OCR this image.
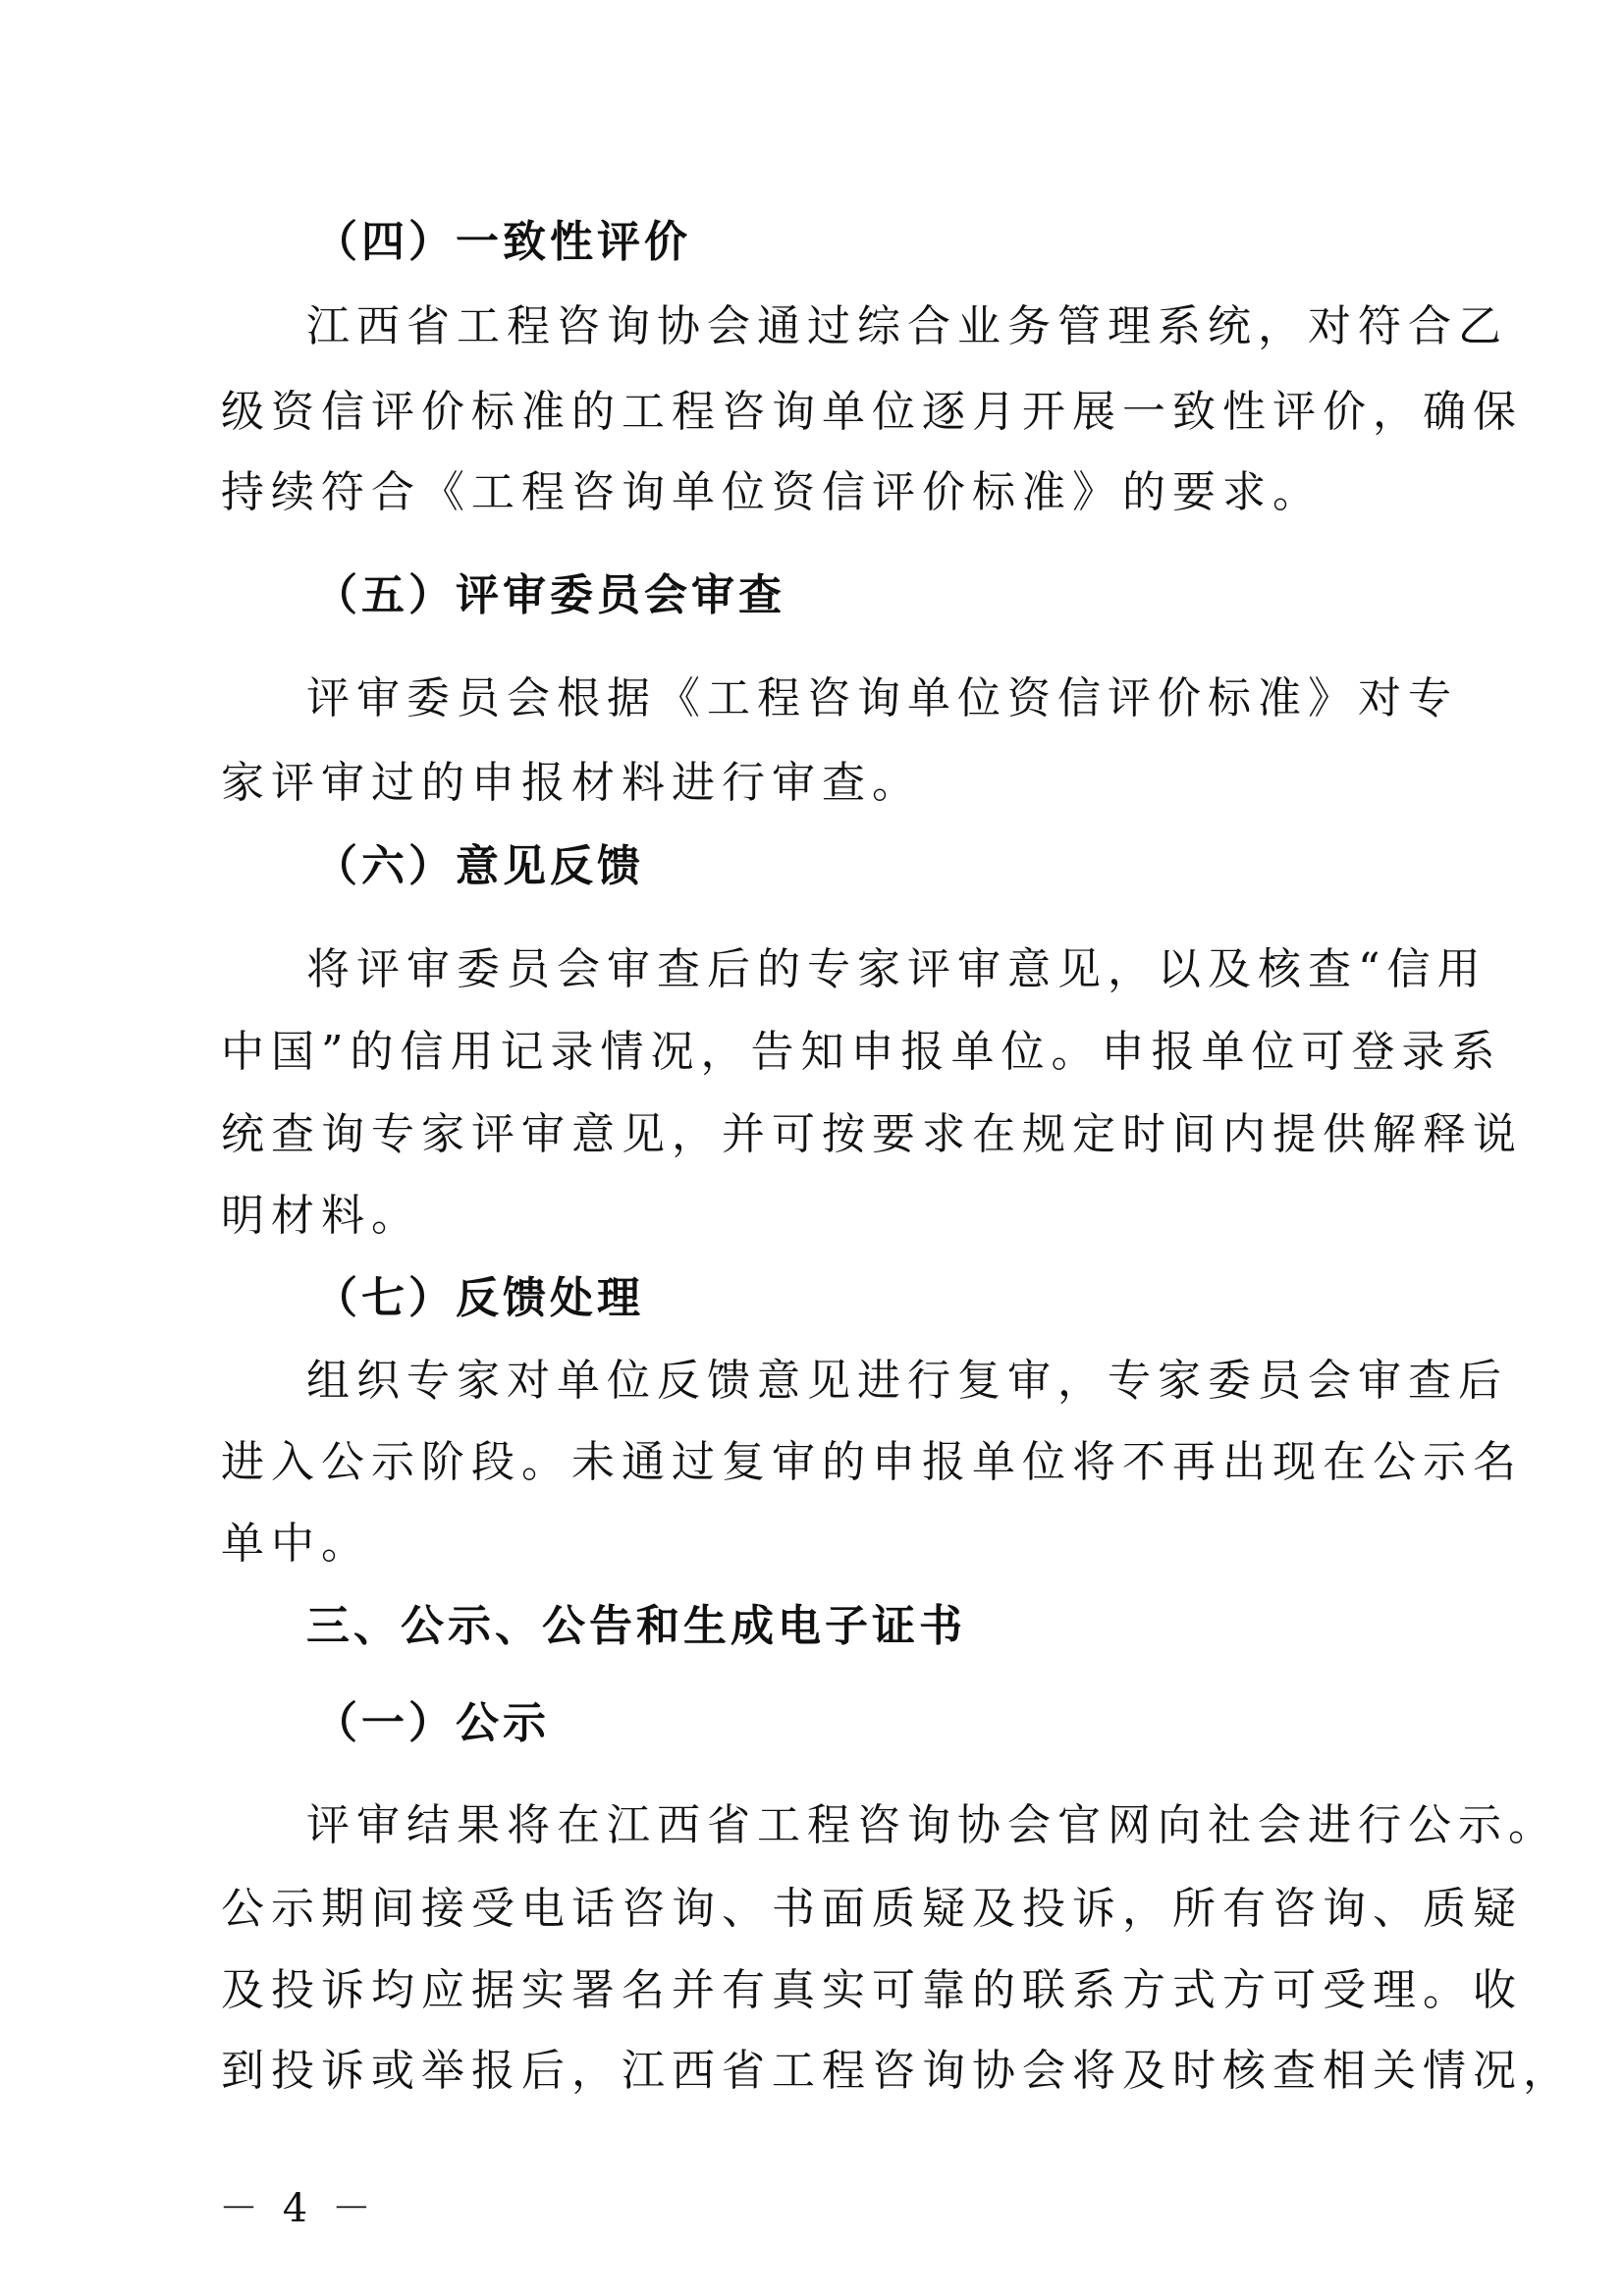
（四）一致性评价
江西省工程咨询协会通过综合业务管理系统，对符合乙
级资信评价标准的工程咨询单位逐月开展一致性评价，确保
持续符合《工程咨询单位资信评价标准》的要求。
（五）评审委员会审查
评审委员会根据《工程咨询单位资信评价标准》对专
家评审过的申报材料进行审查。
（六）意见反馈
将评审委员会审查后的专家评审意见，以及核查“信用
中国”的信用记录情况，告知申报单位。申报单位可登录系
统查询专家评审意见，并可按要求在规定时间内提供解释说
明材料。
（七）反馈处理
组织专家对单位反馈意见进行复审，专家委员会审查后
进入公示阶段。未通过复审的申报单位将不再出现在公示名
单中。
三、公示、公告和生成电子证书
（一）公示
评审结果将在江西省工程咨询协会官网向社会进行公示。
公示期间接受电话咨询、书面质疑及投诉，所有咨询、质疑
及投诉均应据实署名并有真实可靠的联系方式方可受理。收
到投诉或举报后，江西省工程咨询协会将及时核查相关情况，
－ 4 －
